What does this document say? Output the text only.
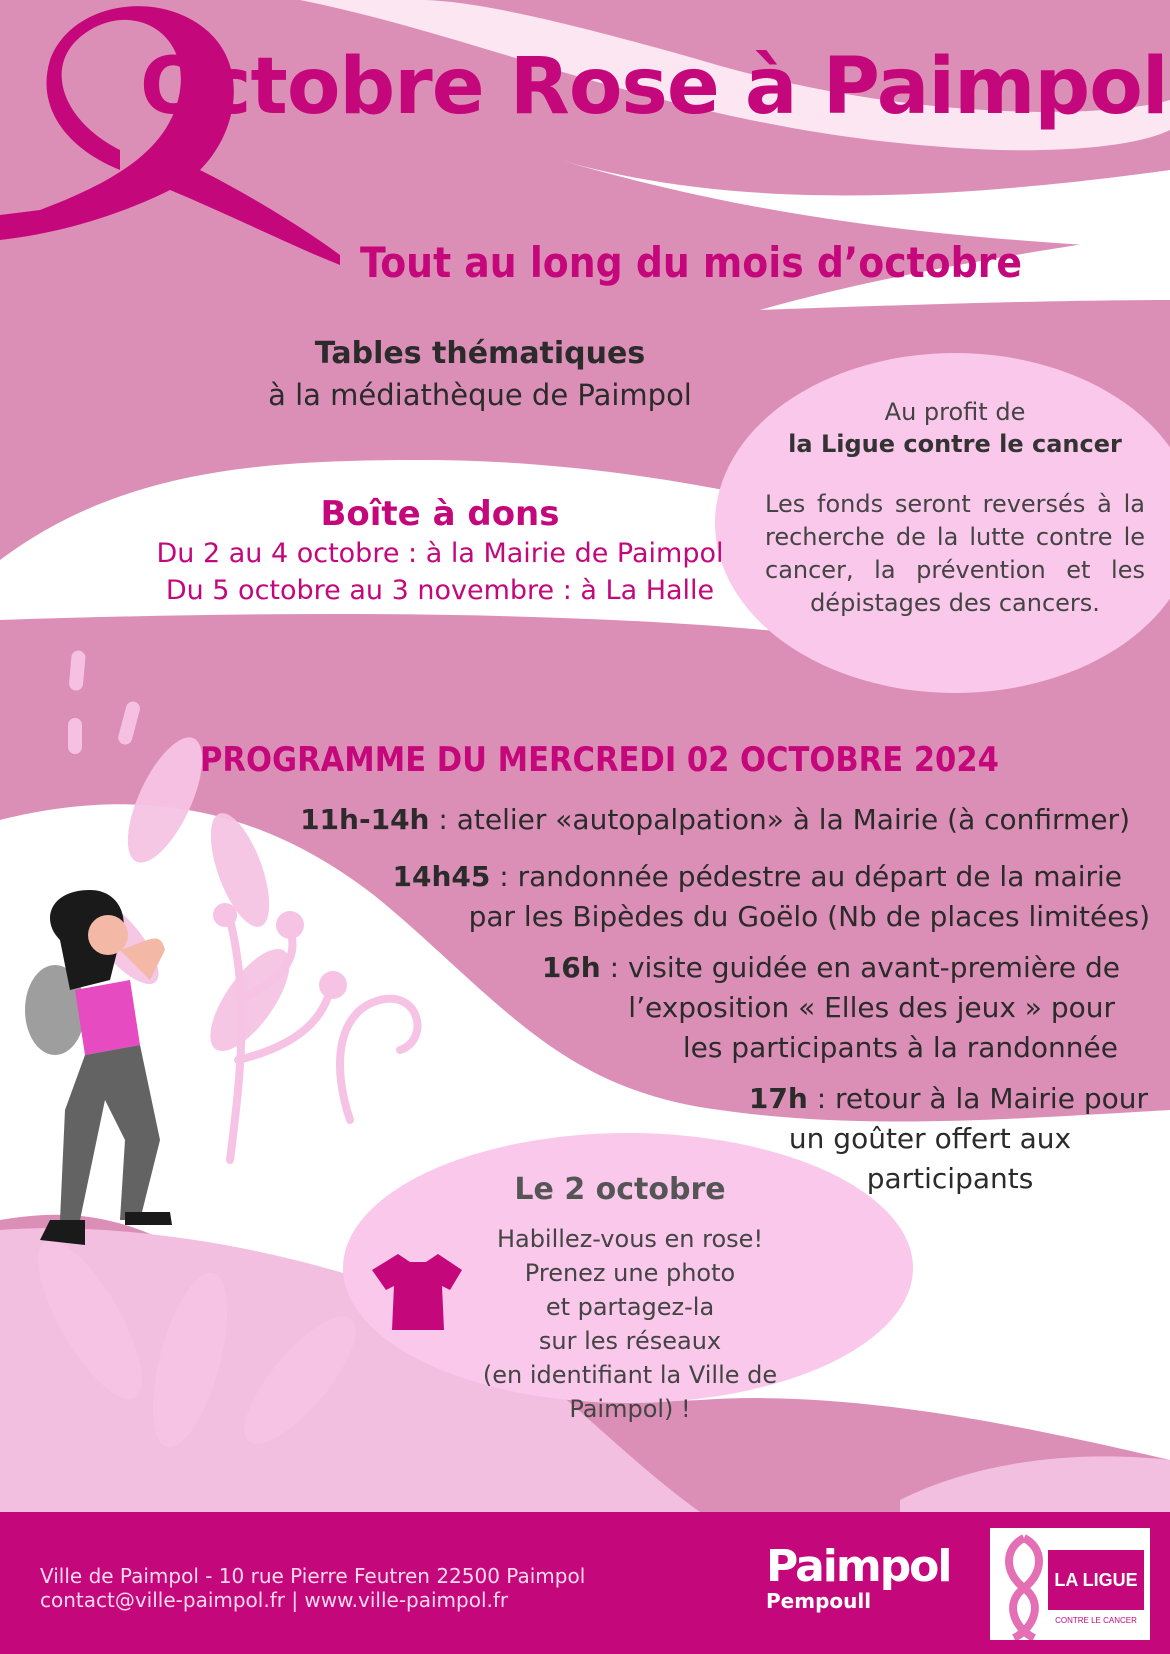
Octobre Rose à Paimpol
Tout au long du mois d’octobre
Tables thématiques
à la médiathèque de Paimpol
Boîte à dons
Du 2 au 4 octobre : à la Mairie de Paimpol
Du 5 octobre au 3 novembre : à La Halle
Au profit de
la Ligue contre le cancer
Les fonds seront reversés à la recherche de la lutte contre le cancer, la prévention et les dépistages des cancers.
PROGRAMME DU MERCREDI 02 OCTOBRE 2024
11h-14h : atelier «autopalpation» à la Mairie (à confirmer)
14h45 : randonnée pédestre au départ de la mairie
par les Bipèdes du Goëlo (Nb de places limitées)
16h : visite guidée en avant-première de
l’exposition « Elles des jeux » pour
les participants à la randonnée
17h : retour à la Mairie pour
un goûter offert aux
participants
Le 2 octobre
Habillez-vous en rose!
Prenez une photo
et partagez-la
sur les réseaux
(en identifiant la Ville de
Paimpol) !
Ville de Paimpol - 10 rue Pierre Feutren 22500 Paimpol
contact@ville-paimpol.fr | www.ville-paimpol.fr
Paimpol
Pempoull
LA LIGUE
CONTRE LE CANCER
